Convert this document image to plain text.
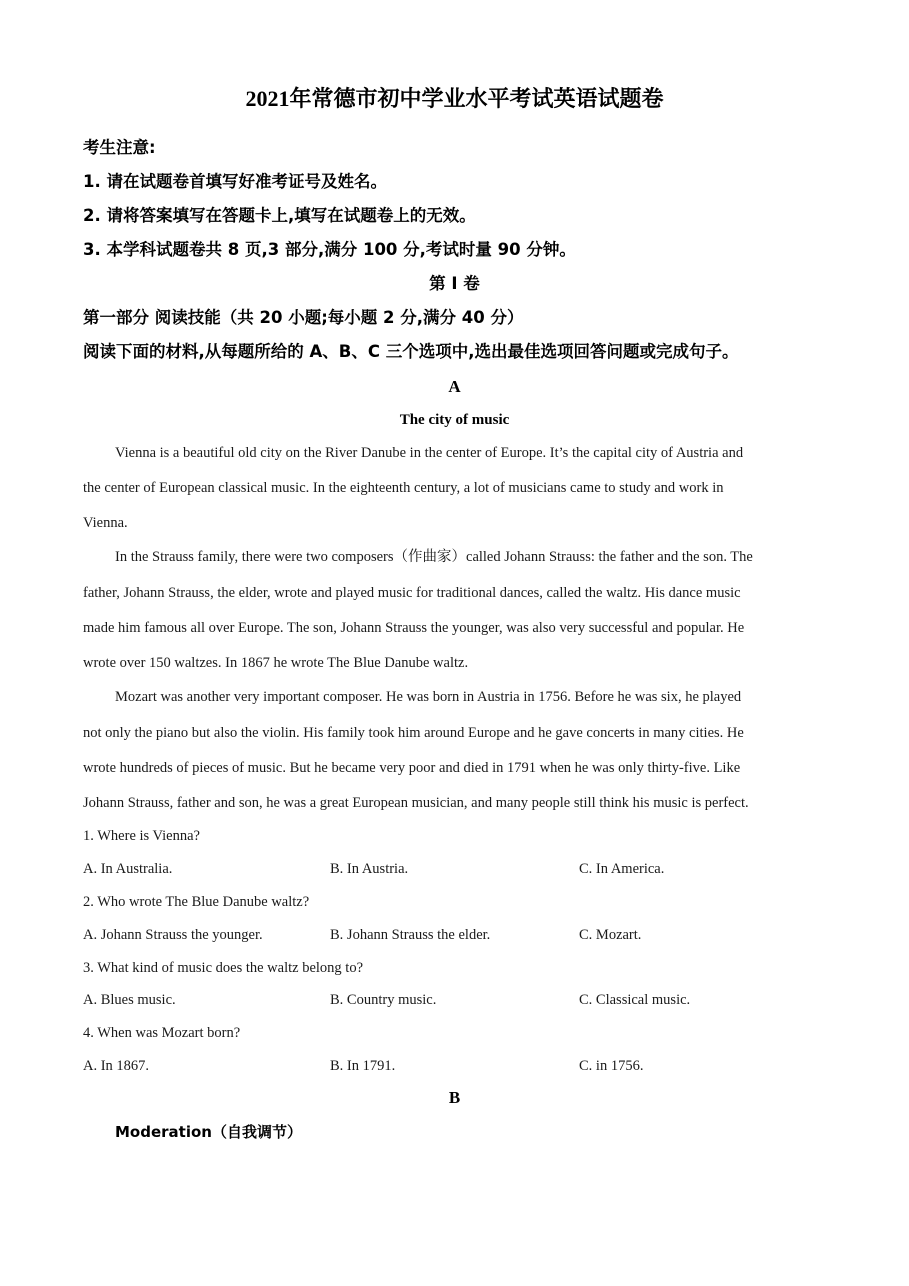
2021年常德市初中学业水平考试英语试题卷
考生注意:
1. 请在试题卷首填写好准考证号及姓名。
2. 请将答案填写在答题卡上,填写在试题卷上的无效。
3. 本学科试题卷共 8 页,3 部分,满分 100 分,考试时量 90 分钟。
第 I 卷
第一部分 阅读技能（共 20 小题;每小题 2 分,满分 40 分）
阅读下面的材料,从每题所给的 A、B、C 三个选项中,选出最佳选项回答问题或完成句子。
A
The city of music
Vienna is a beautiful old city on the River Danube in the center of Europe. It’s the capital city of Austria and
the center of European classical music. In the eighteenth century, a lot of musicians came to study and work in
Vienna.
In the Strauss family, there were two composers（作曲家）called Johann Strauss: the father and the son. The
father, Johann Strauss, the elder, wrote and played music for traditional dances, called the waltz. His dance music
made him famous all over Europe. The son, Johann Strauss the younger, was also very successful and popular. He
wrote over 150 waltzes. In 1867 he wrote The Blue Danube waltz.
Mozart was another very important composer. He was born in Austria in 1756. Before he was six, he played
not only the piano but also the violin. His family took him around Europe and he gave concerts in many cities. He
wrote hundreds of pieces of music. But he became very poor and died in 1791 when he was only thirty-five. Like
Johann Strauss, father and son, he was a great European musician, and many people still think his music is perfect.
1. Where is Vienna?
A. In Australia.	B. In Austria.	C. In America.
2. Who wrote The Blue Danube waltz?
A. Johann Strauss the younger.	B. Johann Strauss the elder.	C. Mozart.
3. What kind of music does the waltz belong to?
A. Blues music.	B. Country music.	C. Classical music.
4. When was Mozart born?
A. In 1867.	B. In 1791.	C. in 1756.
B
Moderation（自我调节）
